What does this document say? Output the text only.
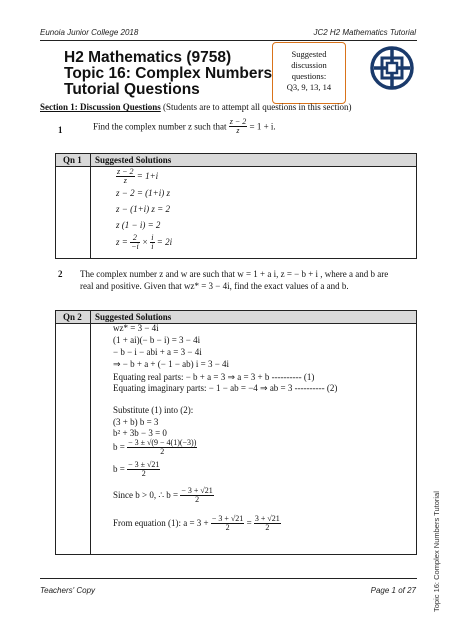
Eunoia Junior College 2018	JC2 H2 Mathematics Tutorial
H2 Mathematics (9758)
Topic 16: Complex Numbers
Tutorial Questions
Suggested
discussion
questions:
Q3, 9, 13, 14
Section 1: Discussion Questions (Students are to attempt all questions in this section)
1	Find the complex number z such that $\frac{z - 2}{z} = 1 + i$.
Qn 1 Suggested Solutions
$\frac{z - 2}{z} = 1+i$
z − 2 = (1+i) z
z − (1+i) z = 2
z (1 − i) = 2
$z = \frac{2}{-i} \times \frac{i}{i} = 2i$
2 The complex number z and w are such that w = 1 + a i, z = − b + i , where a and b are
real and positive. Given that wz* = 3 − 4i, find the exact values of a and b.
Qn 2 Suggested Solutions
wz* = 3 − 4i
(1 + ai)(− b − i) = 3 − 4i
− b − i − abi + a = 3 − 4i
⇒ − b + a + (− 1 − ab) i = 3 − 4i
Equating real parts: − b + a = 3 ⇒ a = 3 + b ---------- (1)
Equating imaginary parts: − 1 − ab = −4 ⇒ ab = 3 ---------- (2)
Substitute (1) into (2):
(3 + b) b = 3
b² + 3b − 3 = 0
$b = \frac{- 3 \pm √(9 - 4(1)(-3))}{2}$
$b = \frac{- 3 \pm √21}{2}$
Since b > 0, ∴ $b = \frac{- 3 + √21}{2}$
From equation (1): $a = 3 + \frac{- 3 + √21}{2} = \frac{3 + √21}{2}$	Topic 16: Complex Numbers Tutorial
Teachers' Copy	Page 1 of 27
